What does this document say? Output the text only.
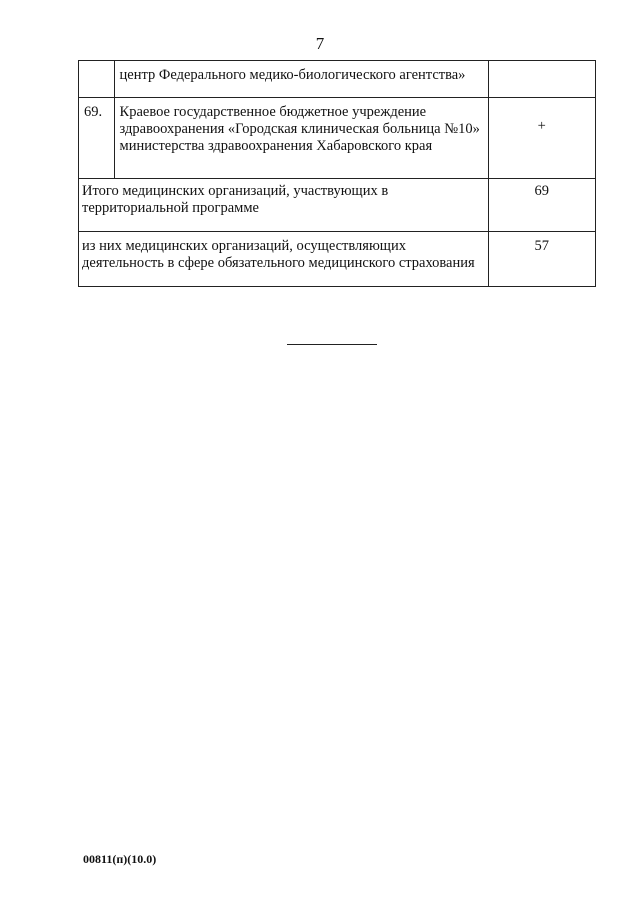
7
	центр Федерального медико-биологического агентства»	
69.	Краевое государственное бюджетное учреждение здравоохранения «Городская клиническая больница №10» министерства здравоохранения Хабаровского края	+
Итого медицинских организаций, участвующих в территориальной программе		69
из них медицинских организаций, осуществляющих деятельность в сфере обязательного медицинского страхования		57
00811(п)(10.0)
